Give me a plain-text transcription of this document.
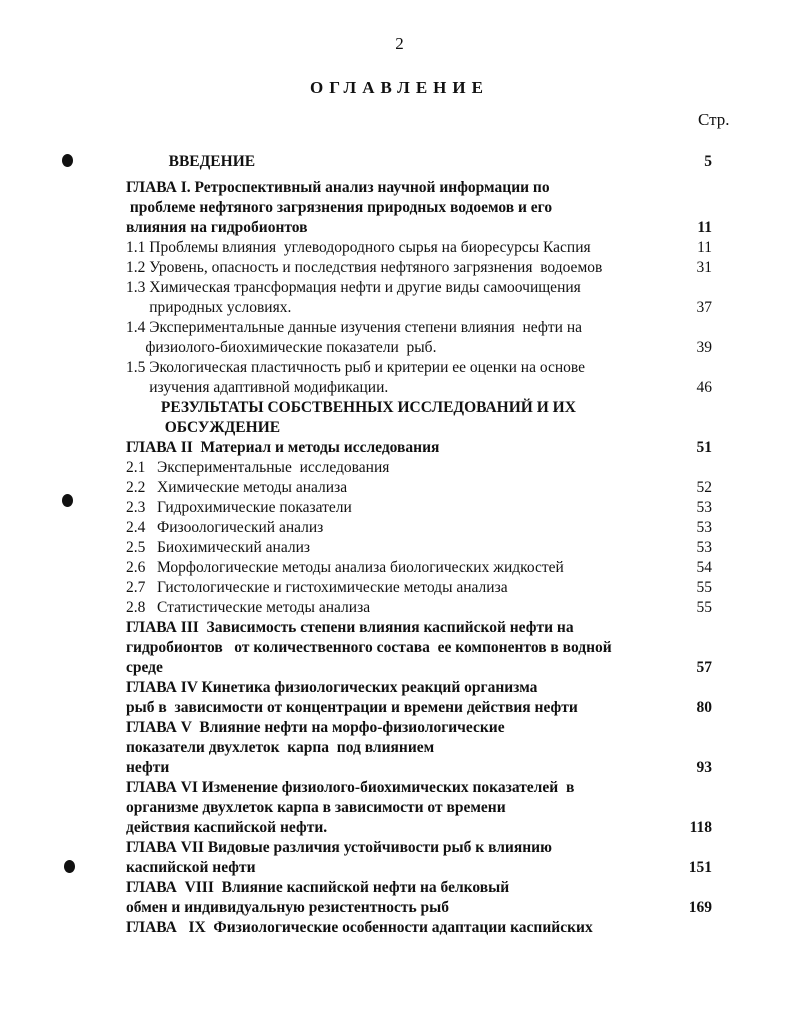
2
ОГЛАВЛЕНИЕ
Стр.
ВВЕДЕНИЕ	5
ГЛАВА I. Ретроспективный анализ научной информации по
проблеме нефтяного загрязнения природных водоемов и его
влияния на гидробионтов	11
1.1 Проблемы влияния  углеводородного сырья на биоресурсы Каспия	11
1.2 Уровень, опасность и последствия нефтяного загрязнения  водоемов	31
1.3 Химическая трансформация нефти и другие виды самоочищения
природных условиях.	37
1.4 Экспериментальные данные изучения степени влияния  нефти на
физиолого-биохимические показатели  рыб.	39
1.5 Экологическая пластичность рыб и критерии ее оценки на основе
изучения адаптивной модификации.	46
РЕЗУЛЬТАТЫ СОБСТВЕННЫХ ИССЛЕДОВАНИЙ И ИХ
ОБСУЖДЕНИЕ
ГЛАВА II  Материал и методы исследования	51
2.1   Экспериментальные  исследования
2.2   Химические методы анализа	52
2.3   Гидрохимические показатели	53
2.4   Физоологический анализ	53
2.5   Биохимический анализ	53
2.6   Морфологические методы анализа биологических жидкостей	54
2.7   Гистологические и гистохимические методы анализа	55
2.8   Статистические методы анализа	55
ГЛАВА III  Зависимость степени влияния каспийской нефти на
гидробионтов   от количественного состава  ее компонентов в водной
среде	57
ГЛАВА IV Кинетика физиологических реакций организма
рыб в  зависимости от концентрации и времени действия нефти	80
ГЛАВА V  Влияние нефти на морфо-физиологические
показатели двухлеток  карпа  под влиянием
нефти	93
ГЛАВА VI Изменение физиолого-биохимических показателей  в
организме двухлеток карпа в зависимости от времени
действия каспийской нефти.	118
ГЛАВА VII Видовые различия устойчивости рыб к влиянию
каспийской нефти	151
ГЛАВА  VIII  Влияние каспийской нефти на белковый
обмен и индивидуальную резистентность рыб	169
ГЛАВА   IX  Физиологические особенности адаптации каспийских
